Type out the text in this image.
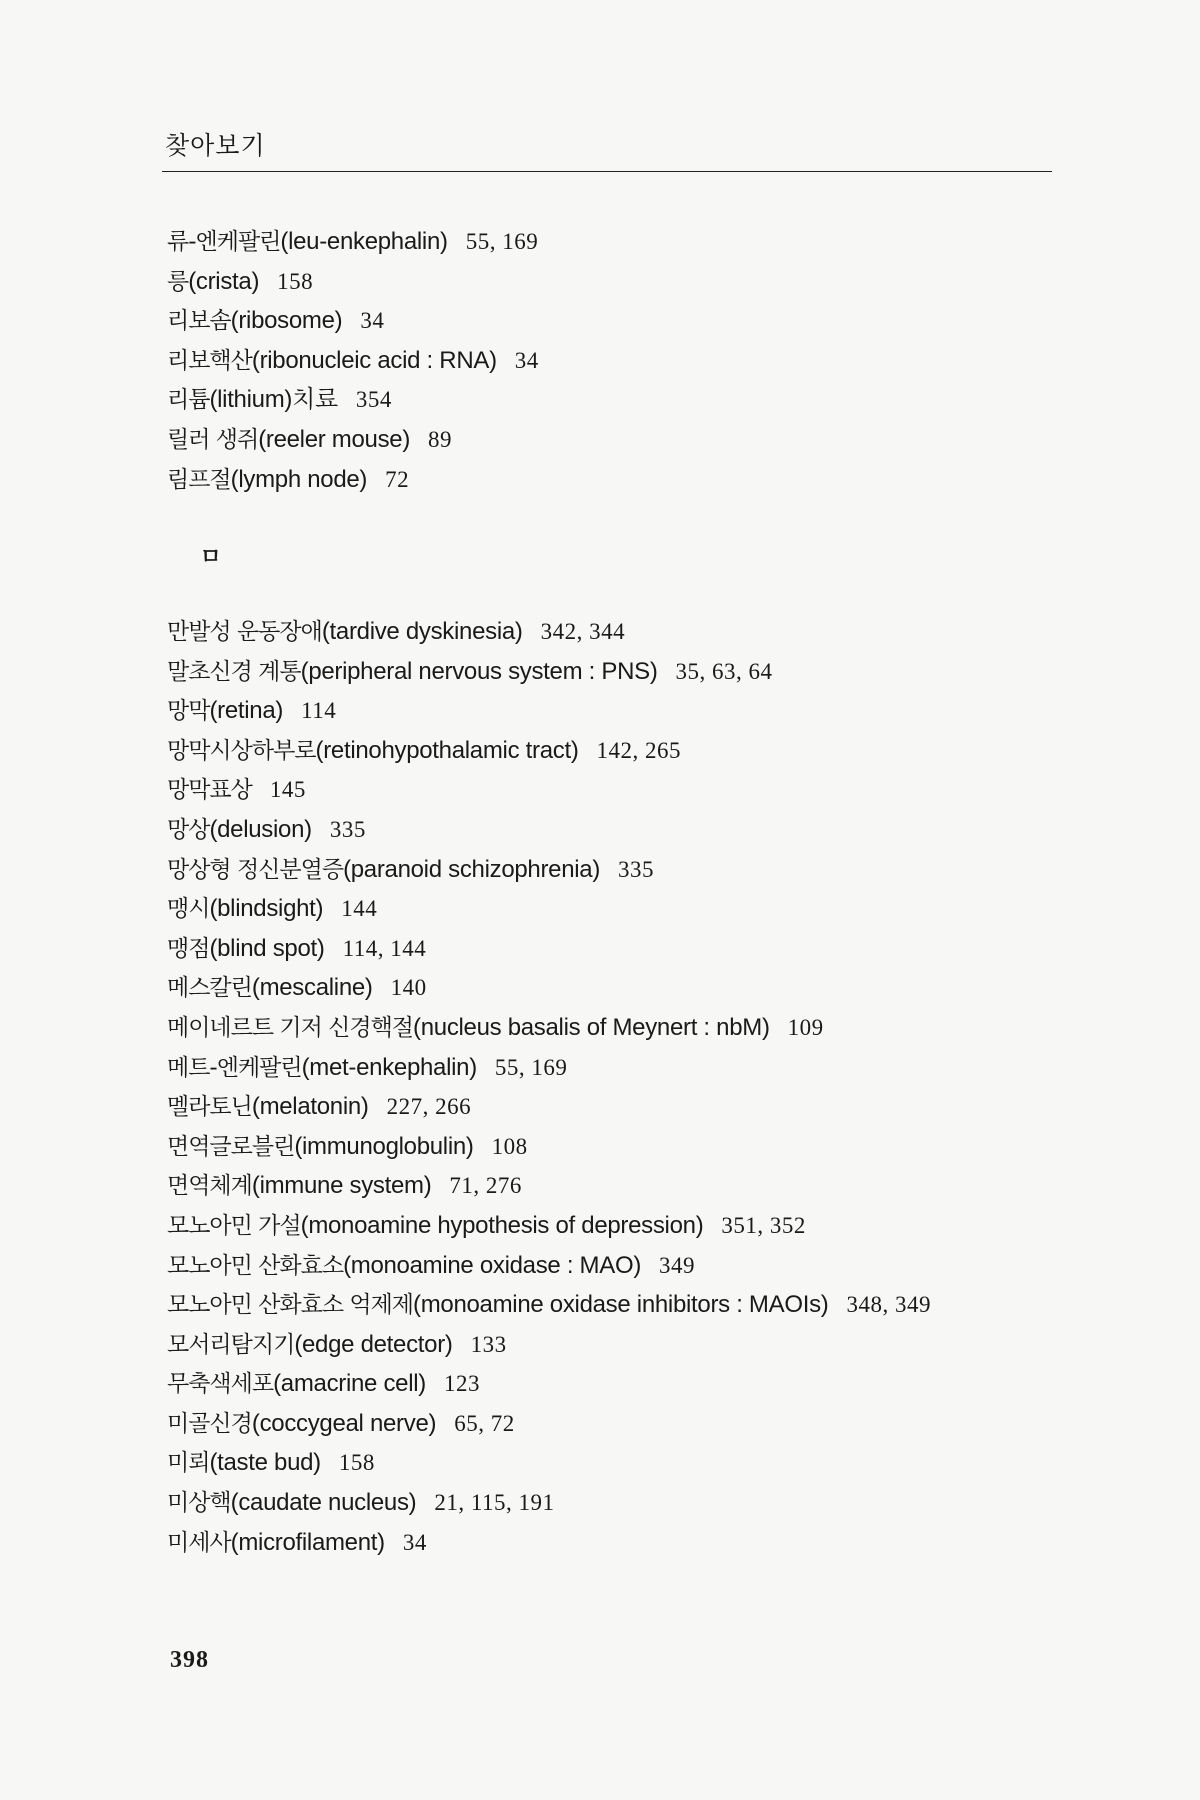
찾아보기
류-엔케팔린(leu-enkephalin) 55, 169
릉(crista) 158
리보솜(ribosome) 34
리보핵산(ribonucleic acid : RNA) 34
리튬(lithium)치료 354
릴러 생쥐(reeler mouse) 89
림프절(lymph node) 72
ㅁ
만발성 운동장애(tardive dyskinesia) 342, 344
말초신경 계통(peripheral nervous system : PNS) 35, 63, 64
망막(retina) 114
망막시상하부로(retinohypothalamic tract) 142, 265
망막표상 145
망상(delusion) 335
망상형 정신분열증(paranoid schizophrenia) 335
맹시(blindsight) 144
맹점(blind spot) 114, 144
메스칼린(mescaline) 140
메이네르트 기저 신경핵절(nucleus basalis of Meynert : nbM) 109
메트-엔케팔린(met-enkephalin) 55, 169
멜라토닌(melatonin) 227, 266
면역글로블린(immunoglobulin) 108
면역체계(immune system) 71, 276
모노아민 가설(monoamine hypothesis of depression) 351, 352
모노아민 산화효소(monoamine oxidase : MAO) 349
모노아민 산화효소 억제제(monoamine oxidase inhibitors : MAOIs) 348, 349
모서리탐지기(edge detector) 133
무축색세포(amacrine cell) 123
미골신경(coccygeal nerve) 65, 72
미뢰(taste bud) 158
미상핵(caudate nucleus) 21, 115, 191
미세사(microfilament) 34
398
